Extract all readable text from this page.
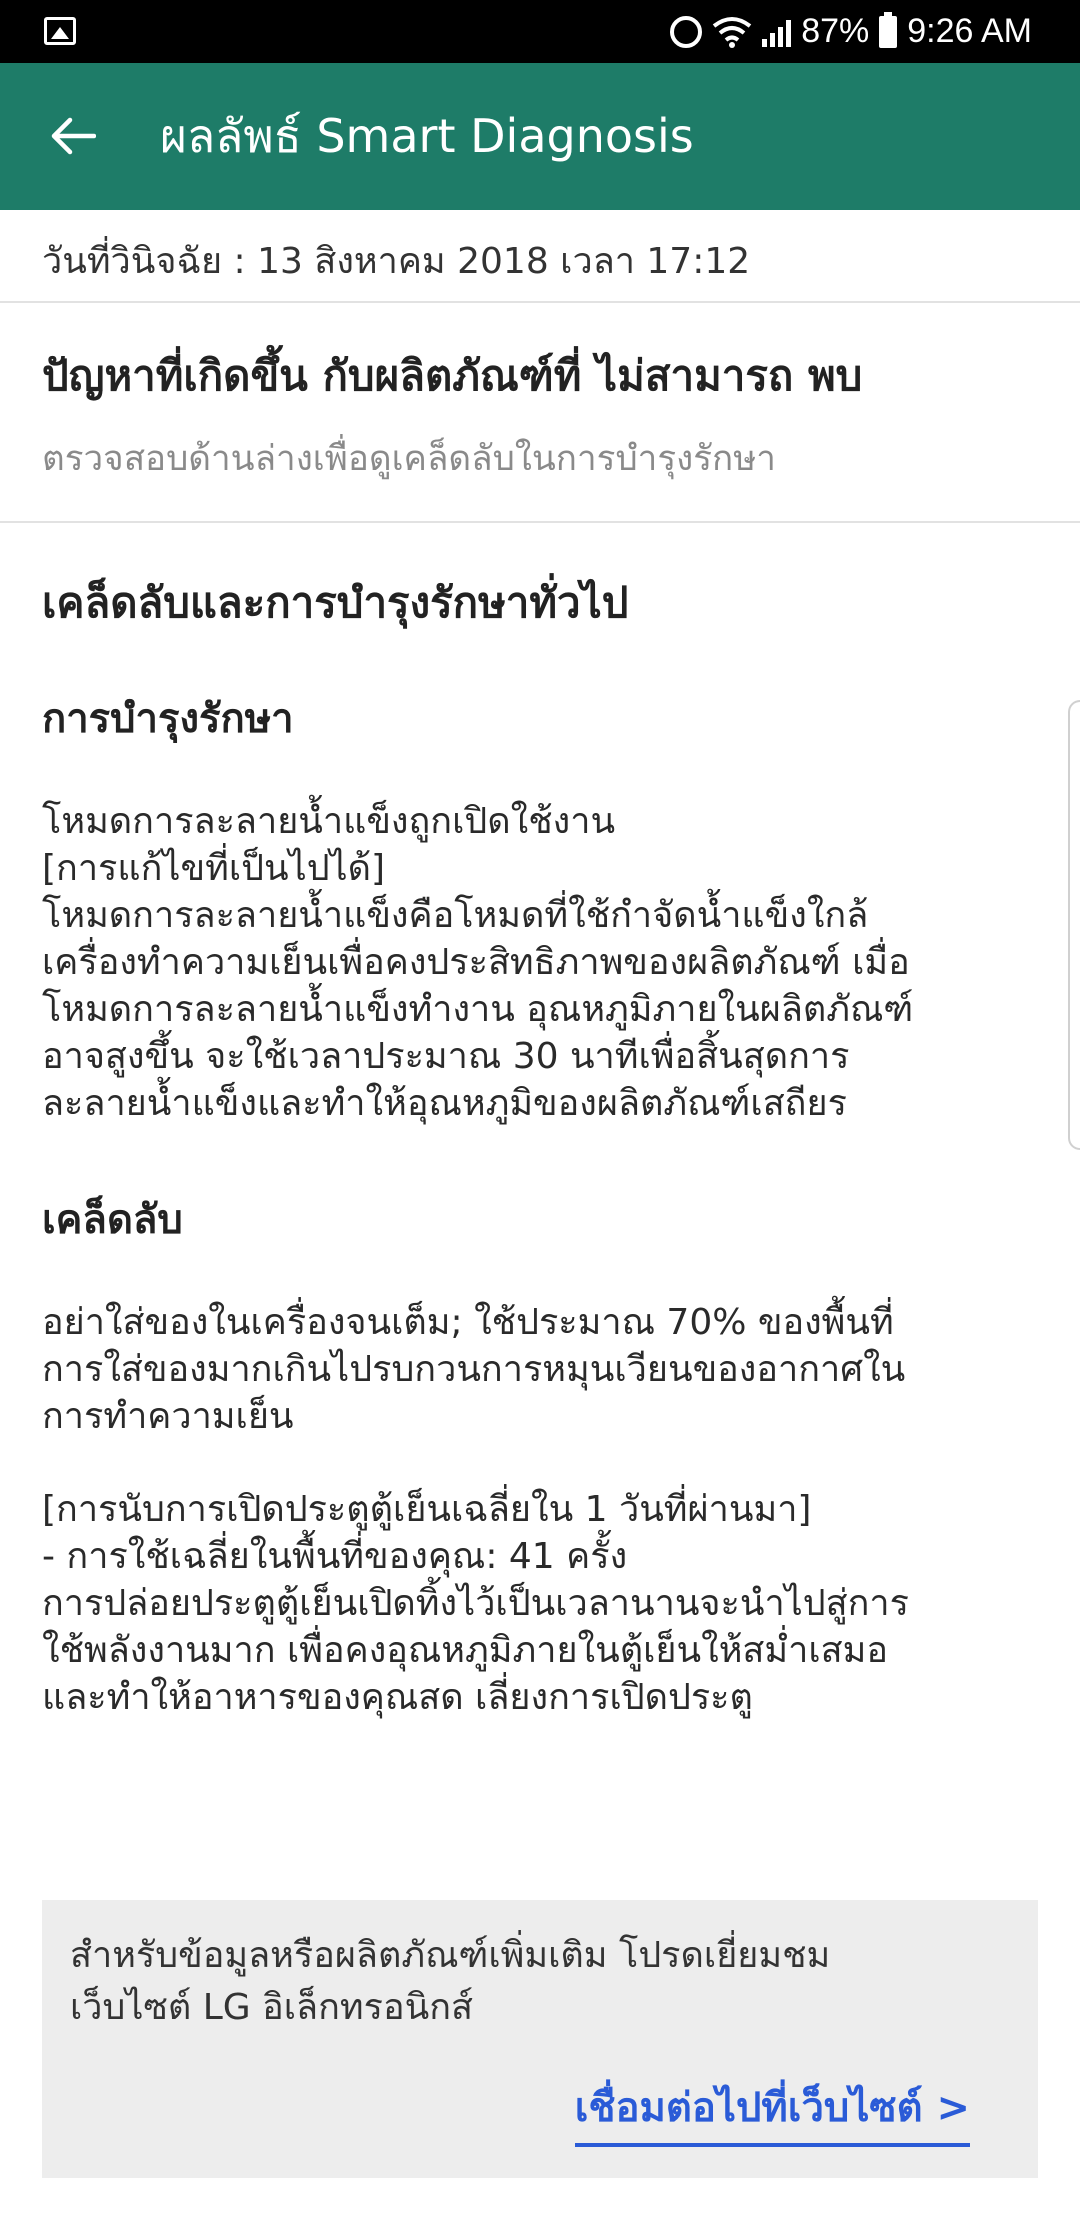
87% 9:26 AM
ผลลัพธ์ Smart Diagnosis
วันที่วินิจฉัย : 13 สิงหาคม 2018 เวลา 17:12
ปัญหาที่เกิดขึ้น กับผลิตภัณฑ์ที่ ไม่สามารถ พบ
ตรวจสอบด้านล่างเพื่อดูเคล็ดลับในการบำรุงรักษา
เคล็ดลับและการบำรุงรักษาทั่วไป
การบำรุงรักษา

โหมดการละลายน้ำแข็งถูกเปิดใช้งาน
[การแก้ไขที่เป็นไปได้]
โหมดการละลายน้ำแข็งคือโหมดที่ใช้กำจัดน้ำแข็งใกล้
เครื่องทำความเย็นเพื่อคงประสิทธิภาพของผลิตภัณฑ์ เมื่อ
โหมดการละลายน้ำแข็งทำงาน อุณหภูมิภายในผลิตภัณฑ์
อาจสูงขึ้น จะใช้เวลาประมาณ 30 นาทีเพื่อสิ้นสุดการ
ละลายน้ำแข็งและทำให้อุณหภูมิของผลิตภัณฑ์เสถียร

เคล็ดลับ

อย่าใส่ของในเครื่องจนเต็ม; ใช้ประมาณ 70% ของพื้นที่
การใส่ของมากเกินไปรบกวนการหมุนเวียนของอากาศใน
การทำความเย็น

[การนับการเปิดประตูตู้เย็นเฉลี่ยใน 1 วันที่ผ่านมา]
- การใช้เฉลี่ยในพื้นที่ของคุณ: 41 ครั้ง
การปล่อยประตูตู้เย็นเปิดทิ้งไว้เป็นเวลานานจะนำไปสู่การ
ใช้พลังงานมาก เพื่อคงอุณหภูมิภายในตู้เย็นให้สม่ำเสมอ
และทำให้อาหารของคุณสด เลี่ยงการเปิดประตู

สำหรับข้อมูลหรือผลิตภัณฑ์เพิ่มเติม โปรดเยี่ยมชม
เว็บไซต์ LG อิเล็กทรอนิกส์
เชื่อมต่อไปที่เว็บไซต์ >
